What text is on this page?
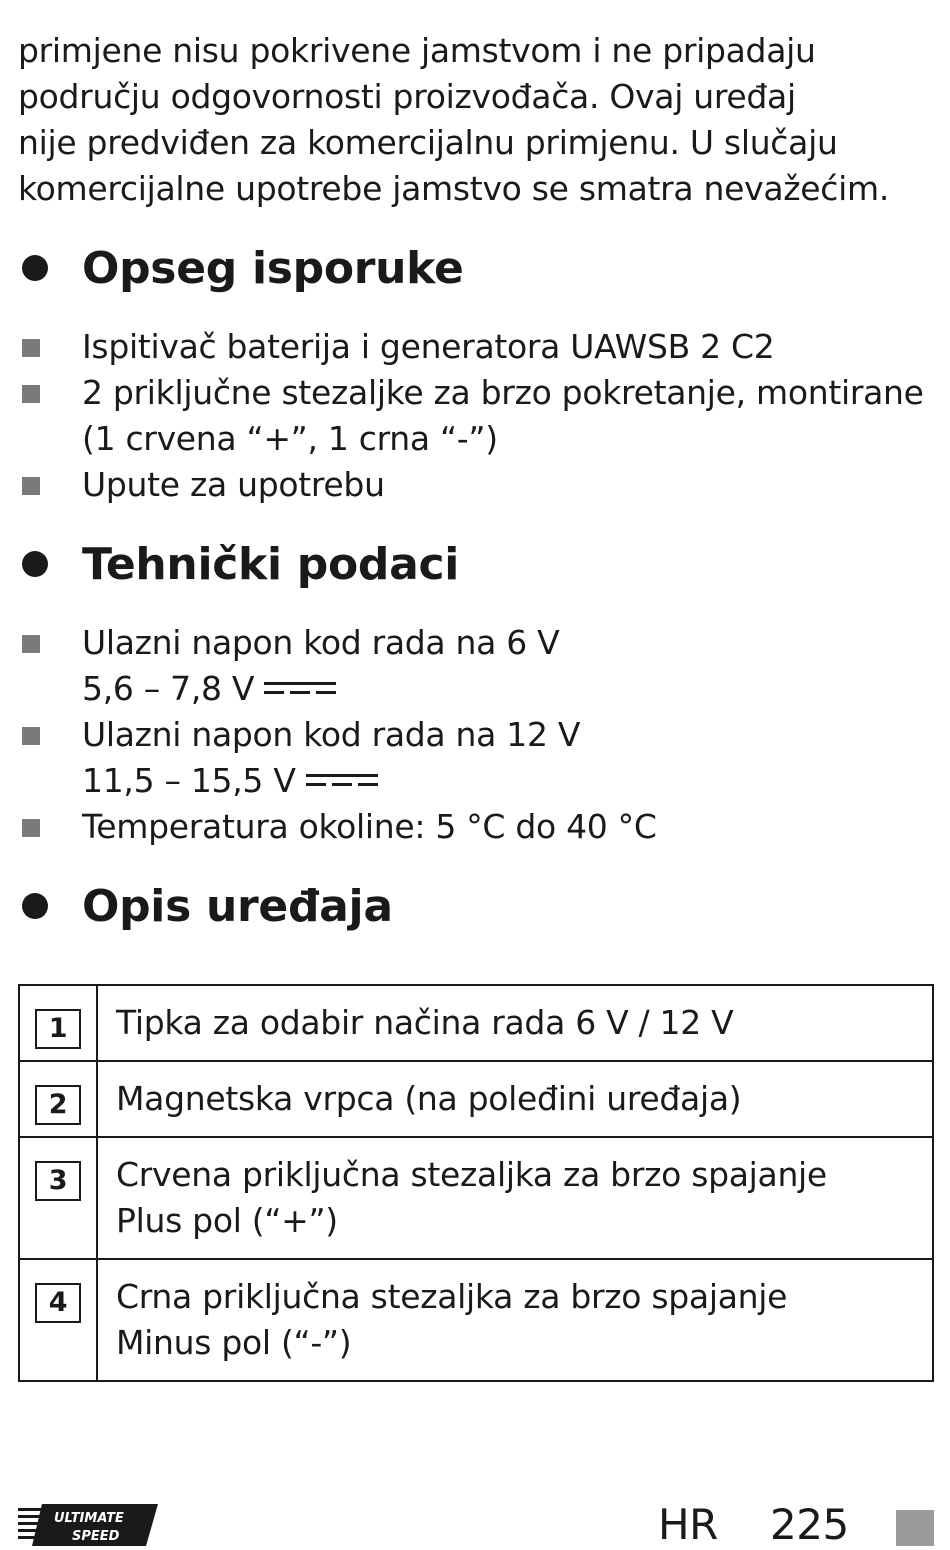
primjene nisu pokrivene jamstvom i ne pripadaju
području odgovornosti proizvođača. Ovaj uređaj
nije predviđen za komercijalnu primjenu. U slučaju
komercijalne upotrebe jamstvo se smatra nevažećim.

Opseg isporuke
Ispitivač baterija i generatora UAWSB 2 C2
2 priključne stezaljke za brzo pokretanje, montirane
(1 crvena “+”, 1 crna “-”)
Upute za upotrebu
Tehnički podaci
Ulazni napon kod rada na 6 V
5,6 – 7,8 V
Ulazni napon kod rada na 12 V
11,5 – 15,5 V
Temperatura okoline: 5 °C do 40 °C
Opis uređaja
1	Tipka za odabir načina rada 6 V / 12 V
2	Magnetska vrpca (na poleđini uređaja)
3	Crvena priključna stezaljka za brzo spajanje
Plus pol (“+”)
4	Crna priključna stezaljka za brzo spajanje
Minus pol (“-”)
ULTIMATE
SPEED	HR 225
